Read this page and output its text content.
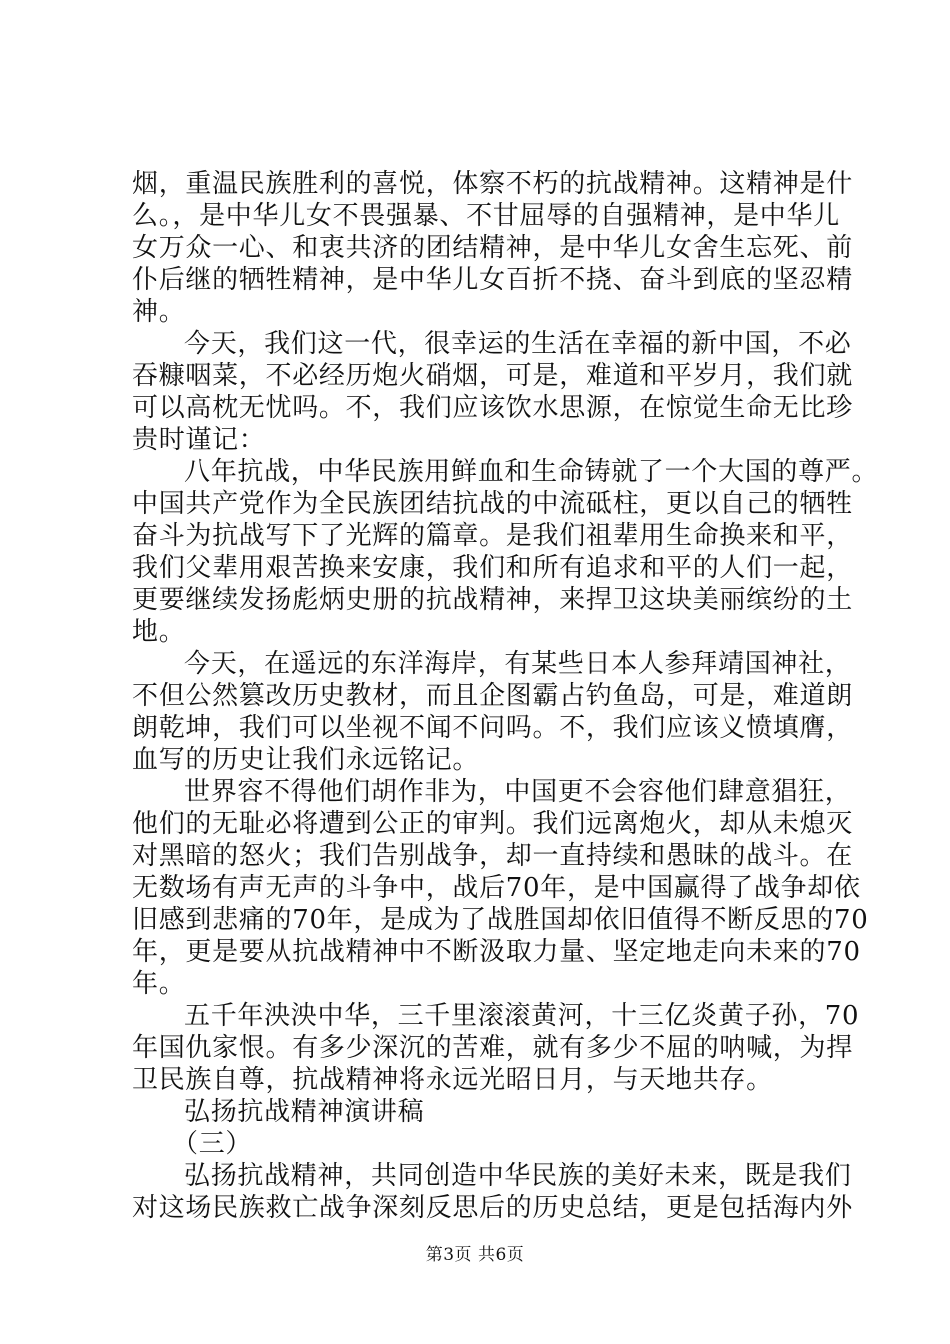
烟，重温民族胜利的喜悦，体察不朽的抗战精神。这精神是什
么。，是中华儿女不畏强暴、不甘屈辱的自强精神，是中华儿
女万众一心、和衷共济的团结精神，是中华儿女舍生忘死、前
仆后继的牺牲精神，是中华儿女百折不挠、奋斗到底的坚忍精
神。
今天，我们这一代，很幸运的生活在幸福的新中国，不必
吞糠咽菜，不必经历炮火硝烟，可是，难道和平岁月，我们就
可以高枕无忧吗。不，我们应该饮水思源，在惊觉生命无比珍
贵时谨记：
八年抗战，中华民族用鲜血和生命铸就了一个大国的尊严。
中国共产党作为全民族团结抗战的中流砥柱，更以自己的牺牲
奋斗为抗战写下了光辉的篇章。是我们祖辈用生命换来和平，
我们父辈用艰苦换来安康，我们和所有追求和平的人们一起，
更要继续发扬彪炳史册的抗战精神，来捍卫这块美丽缤纷的土
地。
今天，在遥远的东洋海岸，有某些日本人参拜靖国神社，
不但公然篡改历史教材，而且企图霸占钓鱼岛，可是，难道朗
朗乾坤，我们可以坐视不闻不问吗。不，我们应该义愤填膺，
血写的历史让我们永远铭记。
世界容不得他们胡作非为，中国更不会容他们肆意猖狂，
他们的无耻必将遭到公正的审判。我们远离炮火，却从未熄灭
对黑暗的怒火；我们告别战争，却一直持续和愚昧的战斗。在
无数场有声无声的斗争中，战后70年，是中国赢得了战争却依
旧感到悲痛的70年，是成为了战胜国却依旧值得不断反思的70
年，更是要从抗战精神中不断汲取力量、坚定地走向未来的70
年。
五千年泱泱中华，三千里滚滚黄河，十三亿炎黄子孙，70
年国仇家恨。有多少深沉的苦难，就有多少不屈的呐喊，为捍
卫民族自尊，抗战精神将永远光昭日月，与天地共存。
弘扬抗战精神演讲稿
（三）
弘扬抗战精神，共同创造中华民族的美好未来，既是我们
对这场民族救亡战争深刻反思后的历史总结，更是包括海内外
第3页 共6页
